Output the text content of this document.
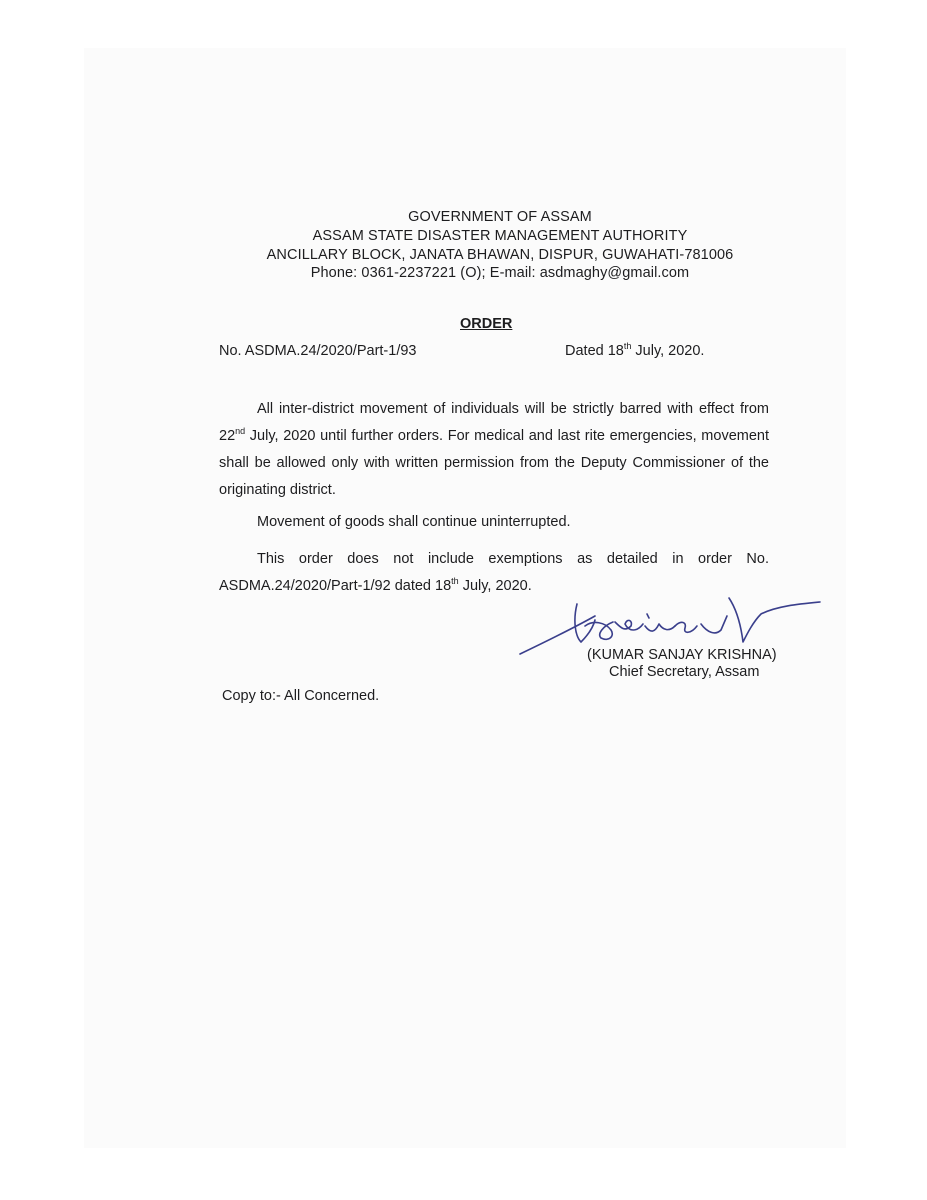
GOVERNMENT OF ASSAM
ASSAM STATE DISASTER MANAGEMENT AUTHORITY
ANCILLARY BLOCK, JANATA BHAWAN, DISPUR, GUWAHATI-781006
Phone: 0361-2237221 (O); E-mail: asdmaghy@gmail.com
ORDER
No. ASDMA.24/2020/Part-1/93	Dated 18th July, 2020.
All inter-district movement of individuals will be strictly barred with effect from 22nd July, 2020 until further orders. For medical and last rite emergencies, movement shall be allowed only with written permission from the Deputy Commissioner of the originating district.
Movement of goods shall continue uninterrupted.
This order does not include exemptions as detailed in order No. ASDMA.24/2020/Part-1/92 dated 18th July, 2020.
(KUMAR SANJAY KRISHNA)
Chief Secretary, Assam
Copy to:- All Concerned.
